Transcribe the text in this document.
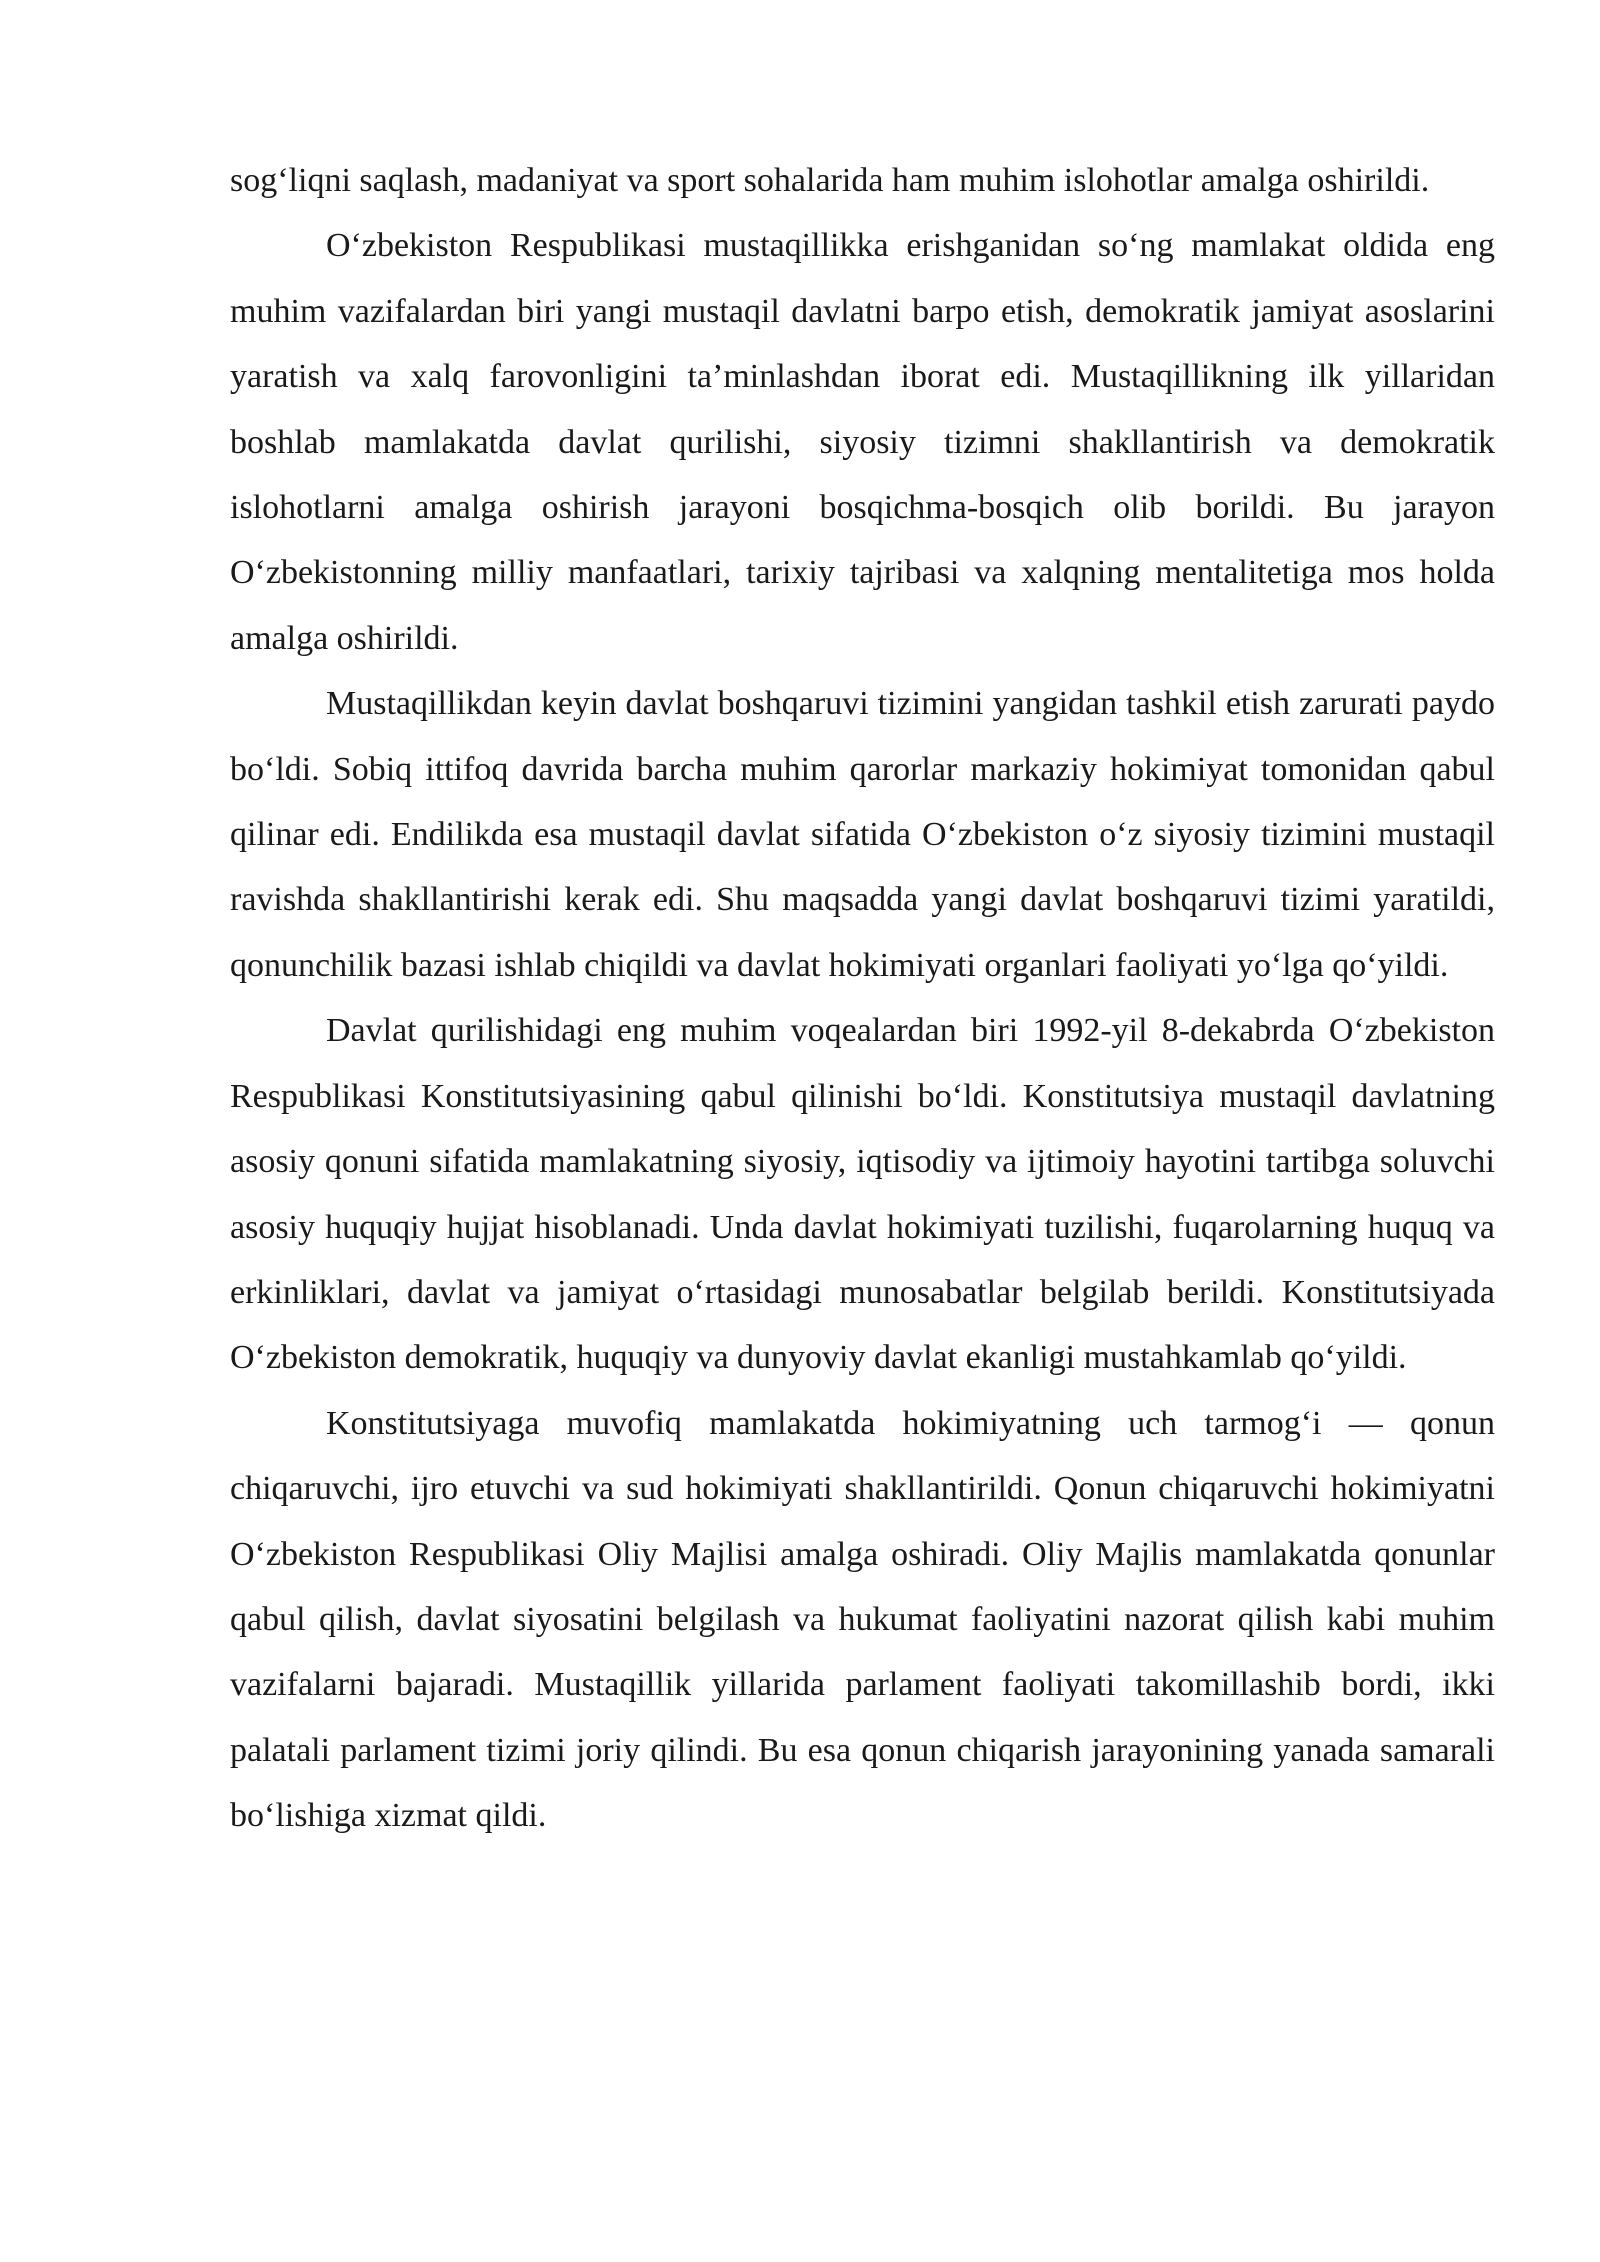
sog‘liqni saqlash, madaniyat va sport sohalarida ham muhim islohotlar amalga oshirildi.

O‘zbekiston Respublikasi mustaqillikka erishganidan so‘ng mamlakat oldida eng muhim vazifalardan biri yangi mustaqil davlatni barpo etish, demokratik jamiyat asoslarini yaratish va xalq farovonligini ta’minlashdan iborat edi. Mustaqillikning ilk yillaridan boshlab mamlakatda davlat qurilishi, siyosiy tizimni shakllantirish va demokratik islohotlarni amalga oshirish jarayoni bosqichma-bosqich olib borildi. Bu jarayon O‘zbekistonning milliy manfaatlari, tarixiy tajribasi va xalqning mentalitetiga mos holda amalga oshirildi.

Mustaqillikdan keyin davlat boshqaruvi tizimini yangidan tashkil etish zarurati paydo bo‘ldi. Sobiq ittifoq davrida barcha muhim qarorlar markaziy hokimiyat tomonidan qabul qilinar edi. Endilikda esa mustaqil davlat sifatida O‘zbekiston o‘z siyosiy tizimini mustaqil ravishda shakllantirishi kerak edi. Shu maqsadda yangi davlat boshqaruvi tizimi yaratildi, qonunchilik bazasi ishlab chiqildi va davlat hokimiyati organlari faoliyati yo‘lga qo‘yildi.

Davlat qurilishidagi eng muhim voqealardan biri 1992-yil 8-dekabrda O‘zbekiston Respublikasi Konstitutsiyasining qabul qilinishi bo‘ldi. Konstitutsiya mustaqil davlatning asosiy qonuni sifatida mamlakatning siyosiy, iqtisodiy va ijtimoiy hayotini tartibga soluvchi asosiy huquqiy hujjat hisoblanadi. Unda davlat hokimiyati tuzilishi, fuqarolarning huquq va erkinliklari, davlat va jamiyat o‘rtasidagi munosabatlar belgilab berildi. Konstitutsiyada O‘zbekiston demokratik, huquqiy va dunyoviy davlat ekanligi mustahkamlab qo‘yildi.

Konstitutsiyaga muvofiq mamlakatda hokimiyatning uch tarmog‘i — qonun chiqaruvchi, ijro etuvchi va sud hokimiyati shakllantirildi. Qonun chiqaruvchi hokimiyatni O‘zbekiston Respublikasi Oliy Majlisi amalga oshiradi. Oliy Majlis mamlakatda qonunlar qabul qilish, davlat siyosatini belgilash va hukumat faoliyatini nazorat qilish kabi muhim vazifalarni bajaradi. Mustaqillik yillarida parlament faoliyati takomillashib bordi, ikki palatali parlament tizimi joriy qilindi. Bu esa qonun chiqarish jarayonining yanada samarali bo‘lishiga xizmat qildi.
